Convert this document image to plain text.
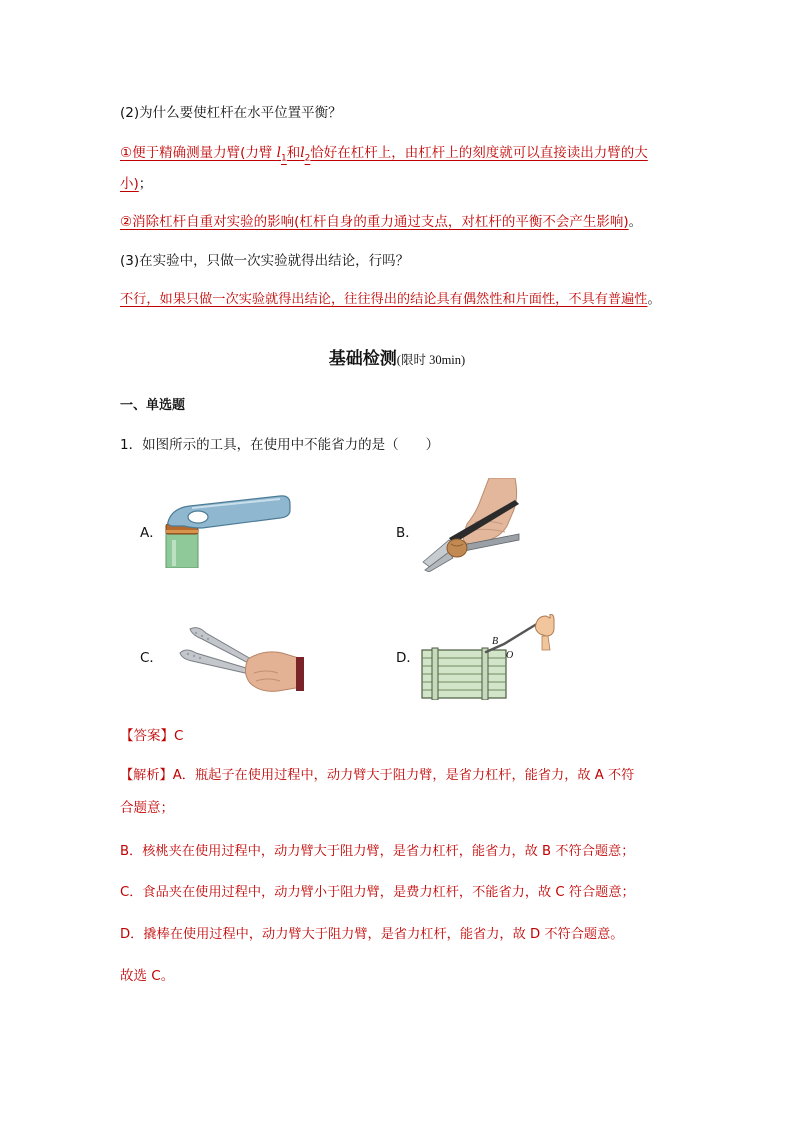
(2)为什么要使杠杆在水平位置平衡？
①便于精确测量力臂(力臂 $l_1$和$l_2$恰好在杠杆上，由杠杆上的刻度就可以直接读出力臂的大
小)；
②消除杠杆自重对实验的影响(杠杆自身的重力通过支点，对杠杆的平衡不会产生影响)。
(3)在实验中，只做一次实验就得出结论，行吗？
不行，如果只做一次实验就得出结论，往往得出的结论具有偶然性和片面性，不具有普遍性。
基础检测(限时 30min)
一、单选题
1．如图所示的工具，在使用中不能省力的是（　　）
A．	B．
C．	D．
B
O
【答案】C
【解析】A．瓶起子在使用过程中，动力臂大于阻力臂，是省力杠杆，能省力，故 A 不符
合题意；
B．核桃夹在使用过程中，动力臂大于阻力臂，是省力杠杆，能省力，故 B 不符合题意；
C．食品夹在使用过程中，动力臂小于阻力臂，是费力杠杆，不能省力，故 C 符合题意；
D．撬棒在使用过程中，动力臂大于阻力臂，是省力杠杆，能省力，故 D 不符合题意。
故选 C。
